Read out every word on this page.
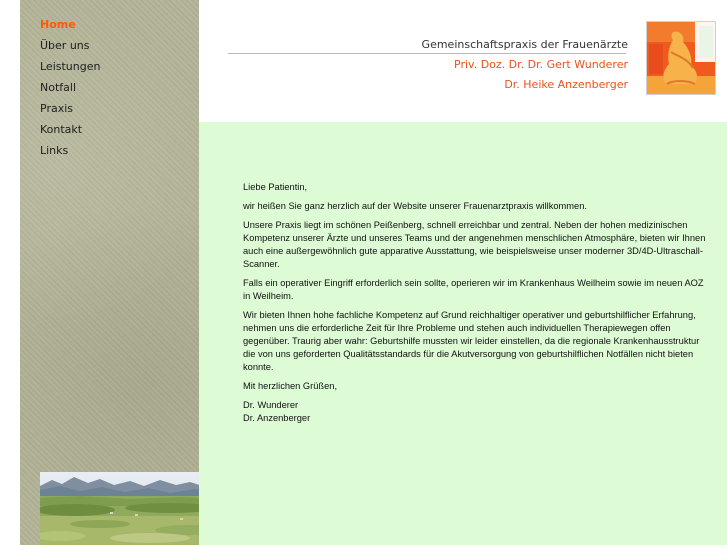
Home
Über uns
Leistungen
Notfall
Praxis
Kontakt
Links
Gemeinschaftspraxis der Frauenärzte
Priv. Doz. Dr. Dr. Gert Wunderer
Dr. Heike Anzenberger

Liebe Patientin,

wir heißen Sie ganz herzlich auf der Website unserer Frauenarztpraxis willkommen.

Unsere Praxis liegt im schönen Peißenberg, schnell erreichbar und zentral. Neben der hohen medizinischen Kompetenz unserer Ärzte und unseres Teams und der angenehmen menschlichen Atmosphäre, bieten wir Ihnen auch eine außergewöhnlich gute apparative Ausstattung, wie beispielsweise unser moderner 3D/4D-Ultraschall-Scanner.

Falls ein operativer Eingriff erforderlich sein sollte, operieren wir im Krankenhaus Weilheim sowie im neuen AOZ in Weilheim.

Wir bieten Ihnen hohe fachliche Kompetenz auf Grund reichhaltiger operativer und geburtshilflicher Erfahrung, nehmen uns die erforderliche Zeit für Ihre Probleme und stehen auch individuellen Therapiewegen offen gegenüber. Traurig aber wahr: Geburtshilfe mussten wir leider einstellen, da die regionale Krankenhausstruktur die von uns geforderten Qualitätsstandards für die Akutversorgung von geburtshilflichen Notfällen nicht bieten konnte.

Mit herzlichen Grüßen,

Dr. Wunderer
Dr. Anzenberger
